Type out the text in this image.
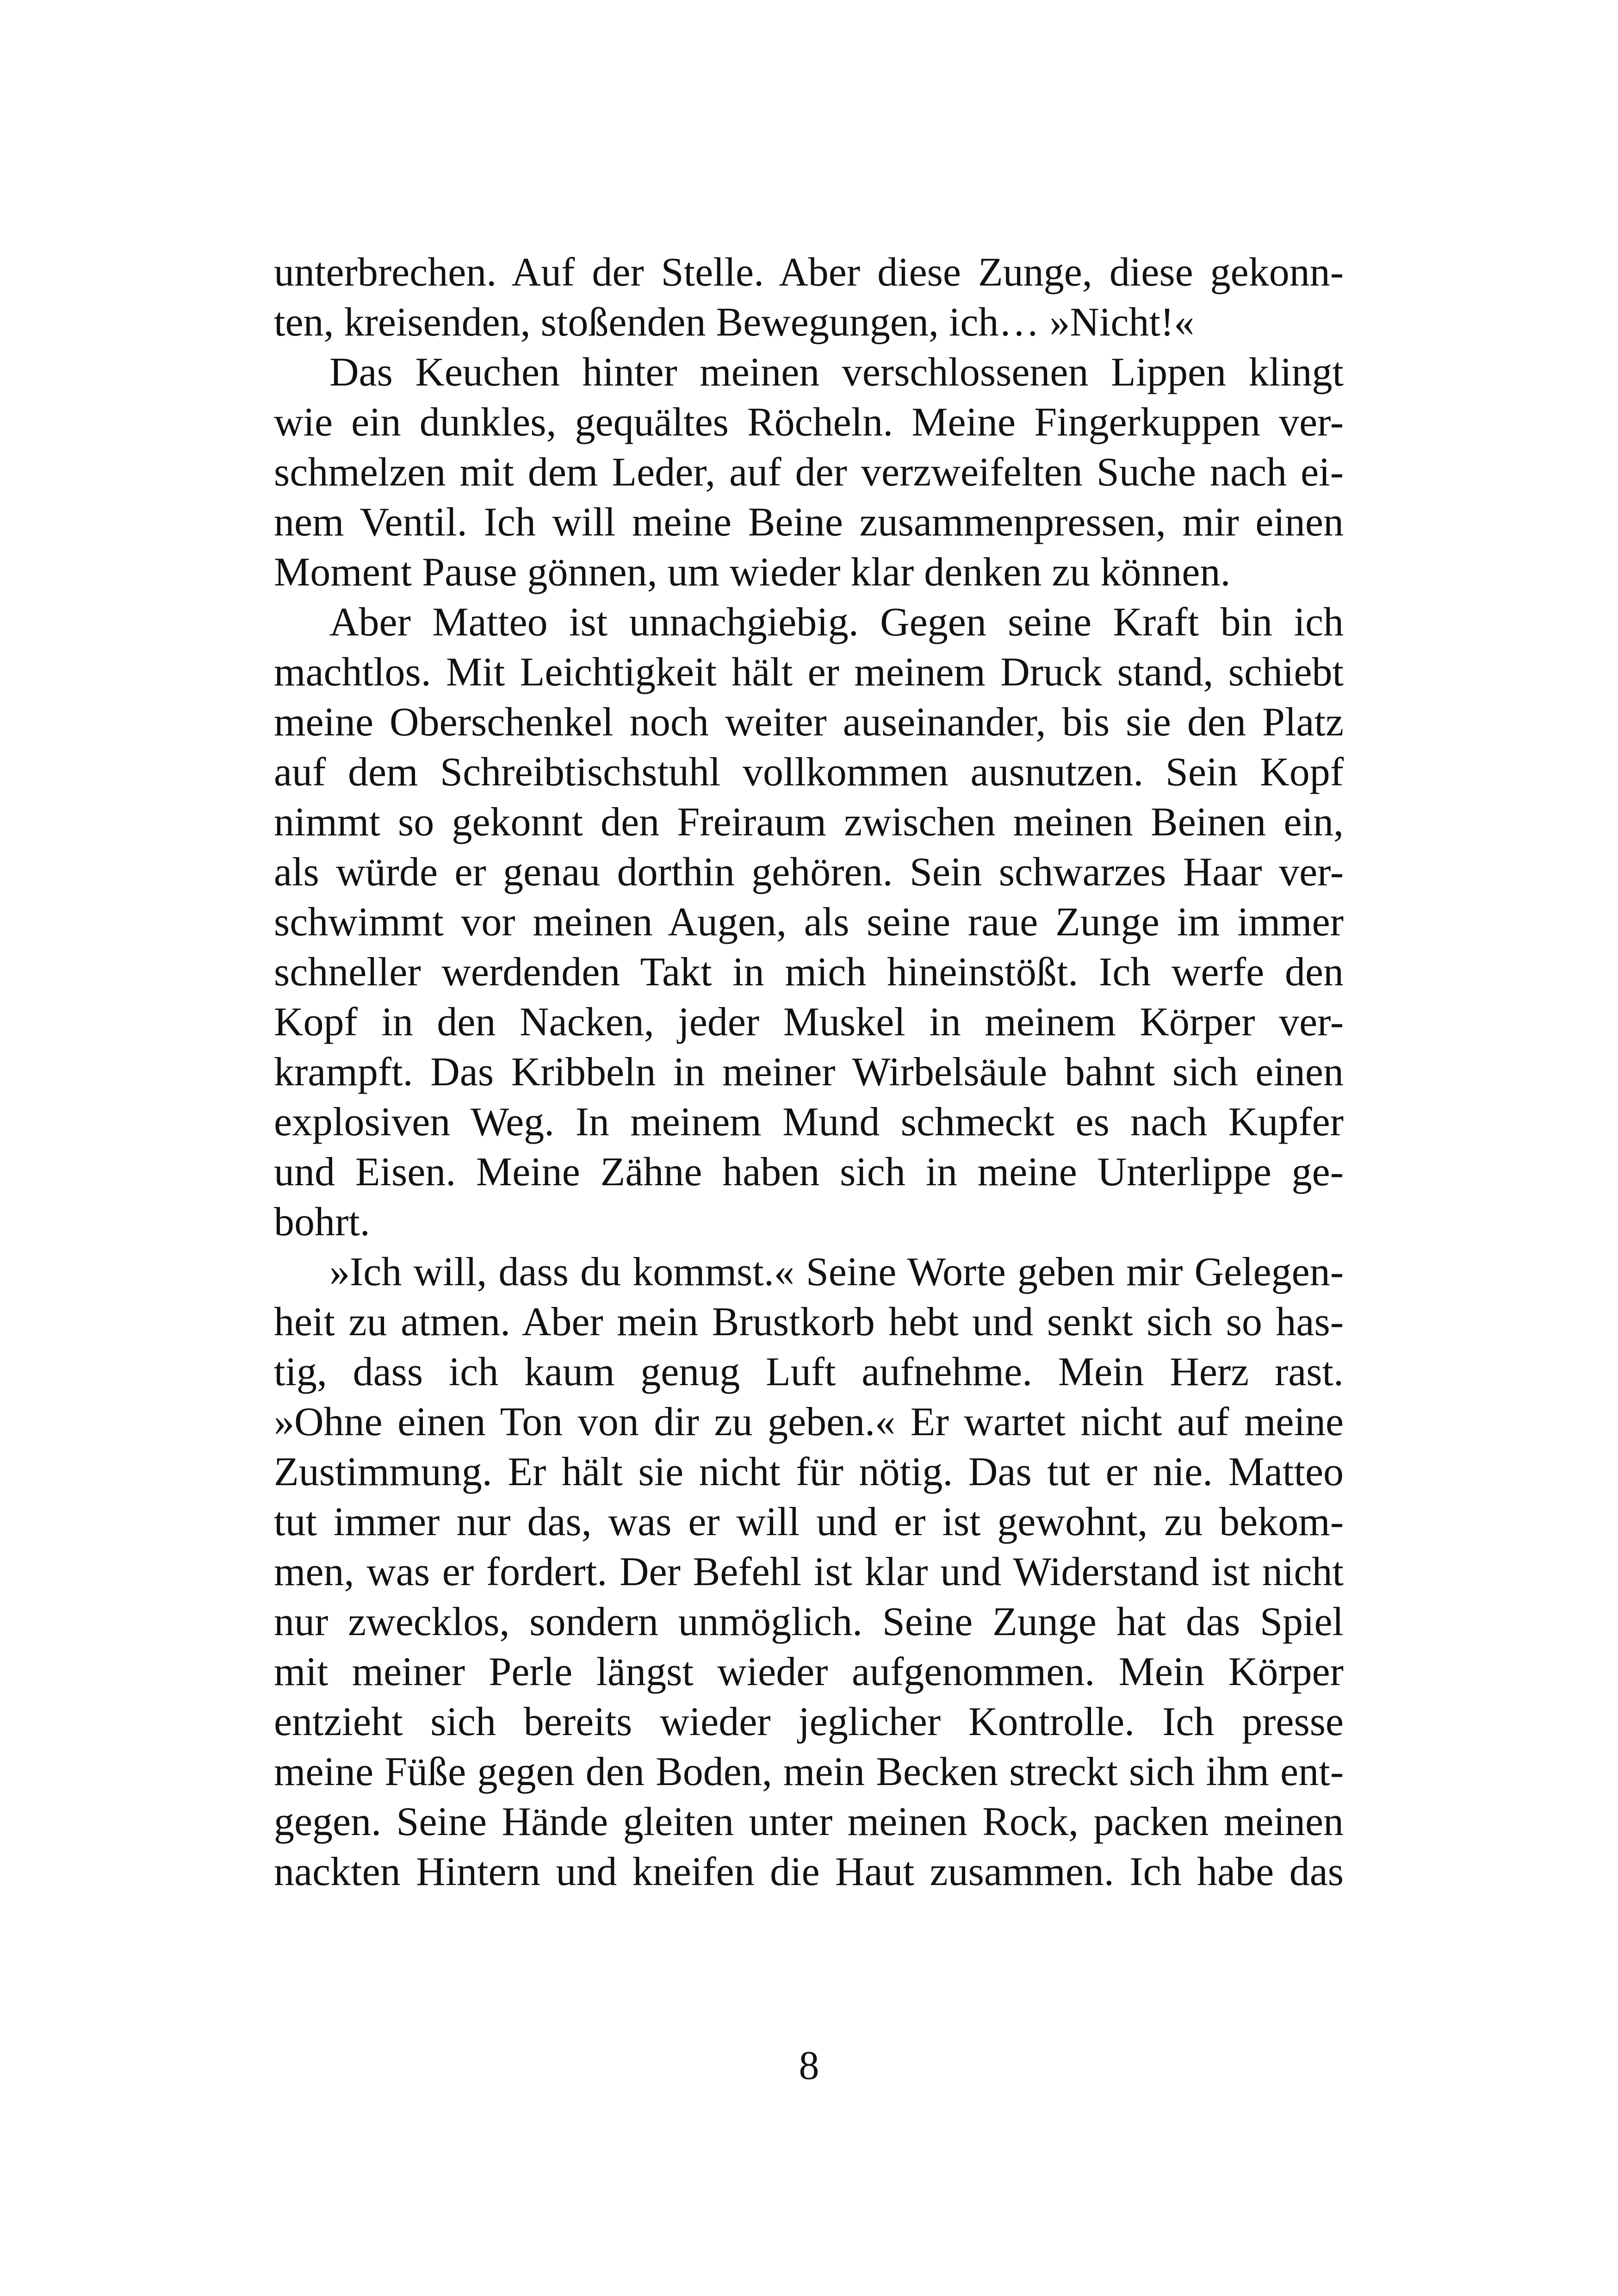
unterbrechen. Auf der Stelle. Aber diese Zunge, diese gekonn-
ten, kreisenden, stoßenden Bewegungen, ich… »Nicht!«
Das Keuchen hinter meinen verschlossenen Lippen klingt
wie ein dunkles, gequältes Röcheln. Meine Fingerkuppen ver-
schmelzen mit dem Leder, auf der verzweifelten Suche nach ei-
nem Ventil. Ich will meine Beine zusammenpressen, mir einen
Moment Pause gönnen, um wieder klar denken zu können.
Aber Matteo ist unnachgiebig. Gegen seine Kraft bin ich
machtlos. Mit Leichtigkeit hält er meinem Druck stand, schiebt
meine Oberschenkel noch weiter auseinander, bis sie den Platz
auf dem Schreibtischstuhl vollkommen ausnutzen. Sein Kopf
nimmt so gekonnt den Freiraum zwischen meinen Beinen ein,
als würde er genau dorthin gehören. Sein schwarzes Haar ver-
schwimmt vor meinen Augen, als seine raue Zunge im immer
schneller werdenden Takt in mich hineinstößt. Ich werfe den
Kopf in den Nacken, jeder Muskel in meinem Körper ver-
krampft. Das Kribbeln in meiner Wirbelsäule bahnt sich einen
explosiven Weg. In meinem Mund schmeckt es nach Kupfer
und Eisen. Meine Zähne haben sich in meine Unterlippe ge-
bohrt.
»Ich will, dass du kommst.« Seine Worte geben mir Gelegen-
heit zu atmen. Aber mein Brustkorb hebt und senkt sich so has-
tig, dass ich kaum genug Luft aufnehme. Mein Herz rast.
»Ohne einen Ton von dir zu geben.« Er wartet nicht auf meine
Zustimmung. Er hält sie nicht für nötig. Das tut er nie. Matteo
tut immer nur das, was er will und er ist gewohnt, zu bekom-
men, was er fordert. Der Befehl ist klar und Widerstand ist nicht
nur zwecklos, sondern unmöglich. Seine Zunge hat das Spiel
mit meiner Perle längst wieder aufgenommen. Mein Körper
entzieht sich bereits wieder jeglicher Kontrolle. Ich presse
meine Füße gegen den Boden, mein Becken streckt sich ihm ent-
gegen. Seine Hände gleiten unter meinen Rock, packen meinen
nackten Hintern und kneifen die Haut zusammen. Ich habe das
8
